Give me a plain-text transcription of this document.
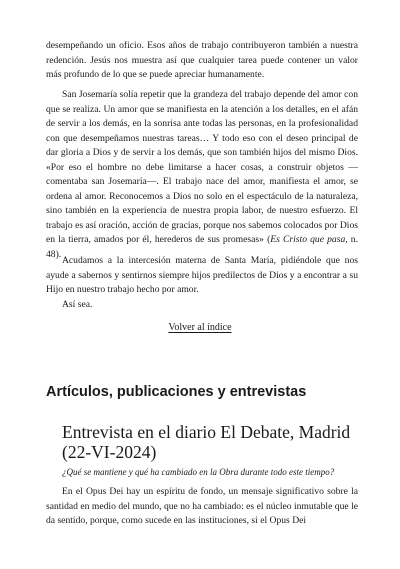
desempeñando un oficio. Esos años de trabajo contribuyeron también a nuestra redención. Jesús nos muestra así que cualquier tarea puede contener un valor más profundo de lo que se puede apreciar humanamente.

San Josemaría solía repetir que la grandeza del trabajo depende del amor con que se realiza. Un amor que se manifiesta en la atención a los detalles, en el afán de servir a los demás, en la sonrisa ante todas las personas, en la profesionalidad con que desempeñamos nuestras tareas… Y todo eso con el deseo principal de dar gloria a Dios y de servir a los demás, que son también hijos del mismo Dios. «Por eso el hombre no debe limitarse a hacer cosas, a construir objetos —comentaba san Josemaría—. El trabajo nace del amor, manifiesta el amor, se ordena al amor. Reconocemos a Dios no solo en el espectáculo de la naturaleza, sino también en la experiencia de nuestra propia labor, de nuestro esfuerzo. El trabajo es así oración, acción de gracias, porque nos sabemos colocados por Dios en la tierra, amados por él, herederos de sus promesas» (Es Cristo que pasa, n. 48).

Acudamos a la intercesión materna de Santa María, pidiéndole que nos ayude a sabernos y sentirnos siempre hijos predilectos de Dios y a encontrar a su Hijo en nuestro trabajo hecho por amor.

Así sea.

Volver al índice
Artículos, publicaciones y entrevistas
Entrevista en el diario El Debate, Madrid (22-VI-2024)

¿Qué se mantiene y qué ha cambiado en la Obra durante todo este tiempo?

En el Opus Dei hay un espíritu de fondo, un mensaje significativo sobre la santidad en medio del mundo, que no ha cambiado: es el núcleo inmutable que le da sentido, porque, como sucede en las instituciones, si el Opus Dei
